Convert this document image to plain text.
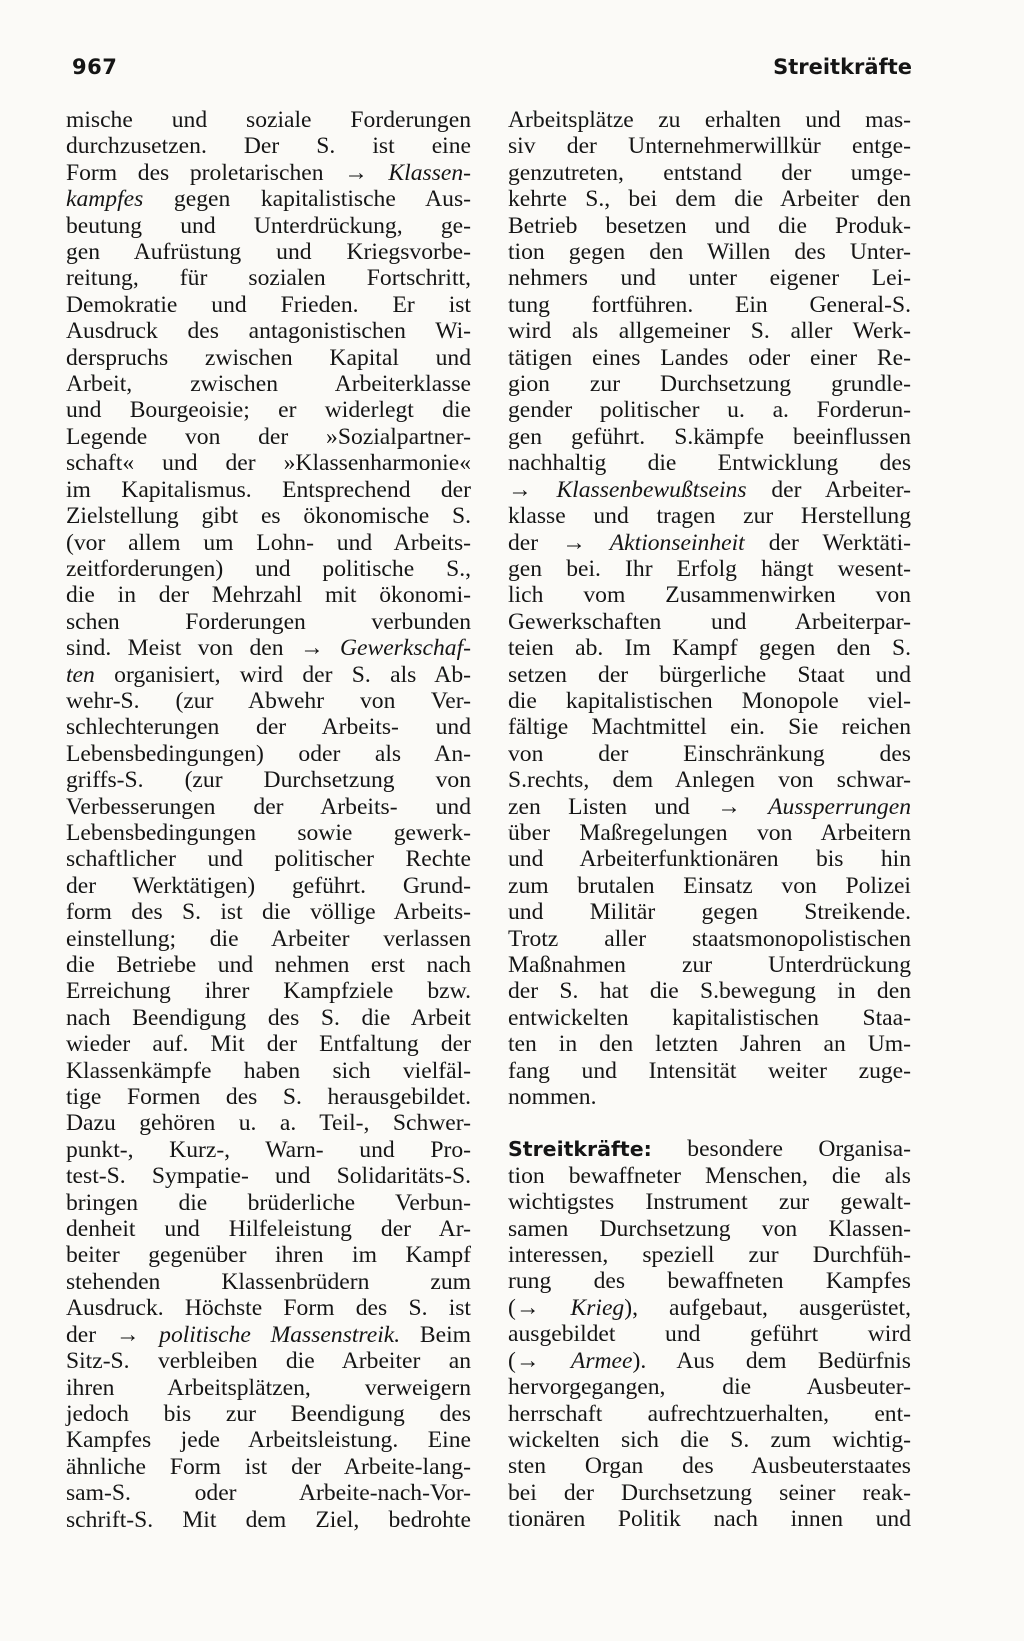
967	Streitkräfte
mische und soziale Forderungen
durchzusetzen. Der S. ist eine
Form des proletarischen → Klassen-
kampfes gegen kapitalistische Aus-
beutung und Unterdrückung, ge-
gen Aufrüstung und Kriegsvorbe-
reitung, für sozialen Fortschritt,
Demokratie und Frieden. Er ist
Ausdruck des antagonistischen Wi-
derspruchs zwischen Kapital und
Arbeit, zwischen Arbeiterklasse
und Bourgeoisie; er widerlegt die
Legende von der »Sozialpartner-
schaft« und der »Klassenharmonie«
im Kapitalismus. Entsprechend der
Zielstellung gibt es ökonomische S.
(vor allem um Lohn- und Arbeits-
zeitforderungen) und politische S.,
die in der Mehrzahl mit ökonomi-
schen Forderungen verbunden
sind. Meist von den → Gewerkschaf-
ten organisiert, wird der S. als Ab-
wehr-S. (zur Abwehr von Ver-
schlechterungen der Arbeits- und
Lebensbedingungen) oder als An-
griffs-S. (zur Durchsetzung von
Verbesserungen der Arbeits- und
Lebensbedingungen sowie gewerk-
schaftlicher und politischer Rechte
der Werktätigen) geführt. Grund-
form des S. ist die völlige Arbeits-
einstellung; die Arbeiter verlassen
die Betriebe und nehmen erst nach
Erreichung ihrer Kampfziele bzw.
nach Beendigung des S. die Arbeit
wieder auf. Mit der Entfaltung der
Klassenkämpfe haben sich vielfäl-
tige Formen des S. herausgebildet.
Dazu gehören u. a. Teil-, Schwer-
punkt-, Kurz-, Warn- und Pro-
test-S. Sympatie- und Solidaritäts-S.
bringen die brüderliche Verbun-
denheit und Hilfeleistung der Ar-
beiter gegenüber ihren im Kampf
stehenden Klassenbrüdern zum
Ausdruck. Höchste Form des S. ist
der → politische Massenstreik. Beim
Sitz-S. verbleiben die Arbeiter an
ihren Arbeitsplätzen, verweigern
jedoch bis zur Beendigung des
Kampfes jede Arbeitsleistung. Eine
ähnliche Form ist der Arbeite-lang-
sam-S. oder Arbeite-nach-Vor-
schrift-S. Mit dem Ziel, bedrohte
Arbeitsplätze zu erhalten und mas-
siv der Unternehmerwillkür entge-
genzutreten, entstand der umge-
kehrte S., bei dem die Arbeiter den
Betrieb besetzen und die Produk-
tion gegen den Willen des Unter-
nehmers und unter eigener Lei-
tung fortführen. Ein General-S.
wird als allgemeiner S. aller Werk-
tätigen eines Landes oder einer Re-
gion zur Durchsetzung grundle-
gender politischer u. a. Forderun-
gen geführt. S.kämpfe beeinflussen
nachhaltig die Entwicklung des
→ Klassenbewußtseins der Arbeiter-
klasse und tragen zur Herstellung
der → Aktionseinheit der Werktäti-
gen bei. Ihr Erfolg hängt wesent-
lich vom Zusammenwirken von
Gewerkschaften und Arbeiterpar-
teien ab. Im Kampf gegen den S.
setzen der bürgerliche Staat und
die kapitalistischen Monopole viel-
fältige Machtmittel ein. Sie reichen
von der Einschränkung des
S.rechts, dem Anlegen von schwar-
zen Listen und → Aussperrungen
über Maßregelungen von Arbeitern
und Arbeiterfunktionären bis hin
zum brutalen Einsatz von Polizei
und Militär gegen Streikende.
Trotz aller staatsmonopolistischen
Maßnahmen zur Unterdrückung
der S. hat die S.bewegung in den
entwickelten kapitalistischen Staa-
ten in den letzten Jahren an Um-
fang und Intensität weiter zuge-
nommen.
Streitkräfte: besondere Organisa-
tion bewaffneter Menschen, die als
wichtigstes Instrument zur gewalt-
samen Durchsetzung von Klassen-
interessen, speziell zur Durchfüh-
rung des bewaffneten Kampfes
(→ Krieg), aufgebaut, ausgerüstet,
ausgebildet und geführt wird
(→ Armee). Aus dem Bedürfnis
hervorgegangen, die Ausbeuter-
herrschaft aufrechtzuerhalten, ent-
wickelten sich die S. zum wichtig-
sten Organ des Ausbeuterstaates
bei der Durchsetzung seiner reak-
tionären Politik nach innen und
